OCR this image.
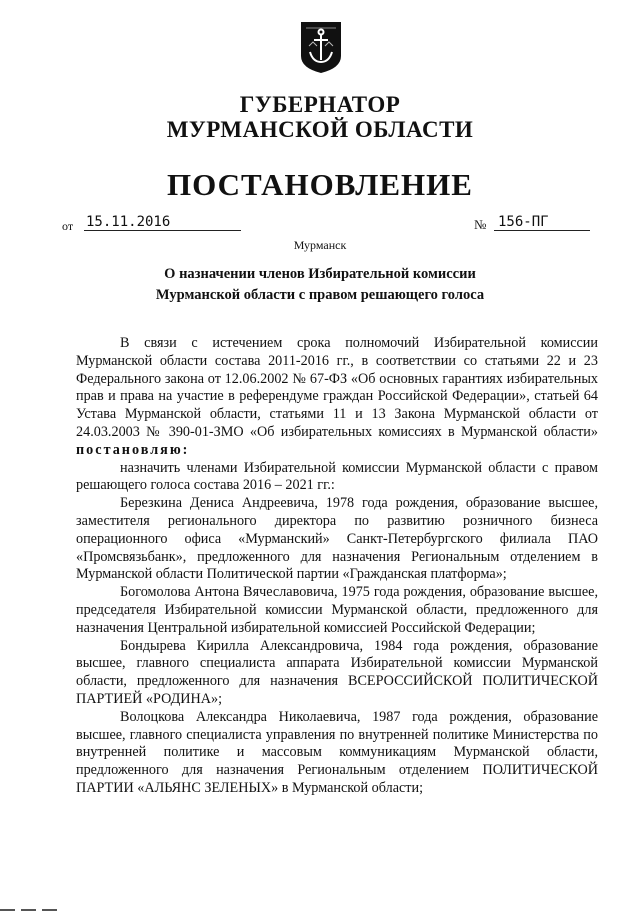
ГУБЕРНАТОР
МУРМАНСКОЙ ОБЛАСТИ
ПОСТАНОВЛЕНИЕ
от 15.11.2016	№ 156-ПГ
Мурманск
О назначении членов Избирательной комиссии
Мурманской области с правом решающего голоса

В связи с истечением срока полномочий Избирательной комиссии Мурманской области состава 2011-2016 гг., в соответствии со статьями 22 и 23 Федерального закона от 12.06.2002 № 67-ФЗ «Об основных гарантиях избирательных прав и права на участие в референдуме граждан Российской Федерации», статьей 64 Устава Мурманской области, статьями 11 и 13 Закона Мурманской области от 24.03.2003 № 390-01-ЗМО «Об избирательных комиссиях в Мурманской области» постановляю:

назначить членами Избирательной комиссии Мурманской области с правом решающего голоса состава 2016 – 2021 гг.:

Березкина Дениса Андреевича, 1978 года рождения, образование высшее, заместителя регионального директора по развитию розничного бизнеса операционного офиса «Мурманский» Санкт-Петербургского филиала ПАО «Промсвязьбанк», предложенного для назначения Региональным отделением в Мурманской области Политической партии «Гражданская платформа»;

Богомолова Антона Вячеславовича, 1975 года рождения, образование высшее, председателя Избирательной комиссии Мурманской области, предложенного для назначения Центральной избирательной комиссией Российской Федерации;

Бондырева Кирилла Александровича, 1984 года рождения, образование высшее, главного специалиста аппарата Избирательной комиссии Мурманской области, предложенного для назначения ВСЕРОССИЙСКОЙ ПОЛИТИЧЕСКОЙ ПАРТИЕЙ «РОДИНА»;

Волоцкова Александра Николаевича, 1987 года рождения, образование высшее, главного специалиста управления по внутренней политике Министерства по внутренней политике и массовым коммуникациям Мурманской области, предложенного для назначения Региональным отделением ПОЛИТИЧЕСКОЙ ПАРТИИ «АЛЬЯНС ЗЕЛЕНЫХ» в Мурманской области;
